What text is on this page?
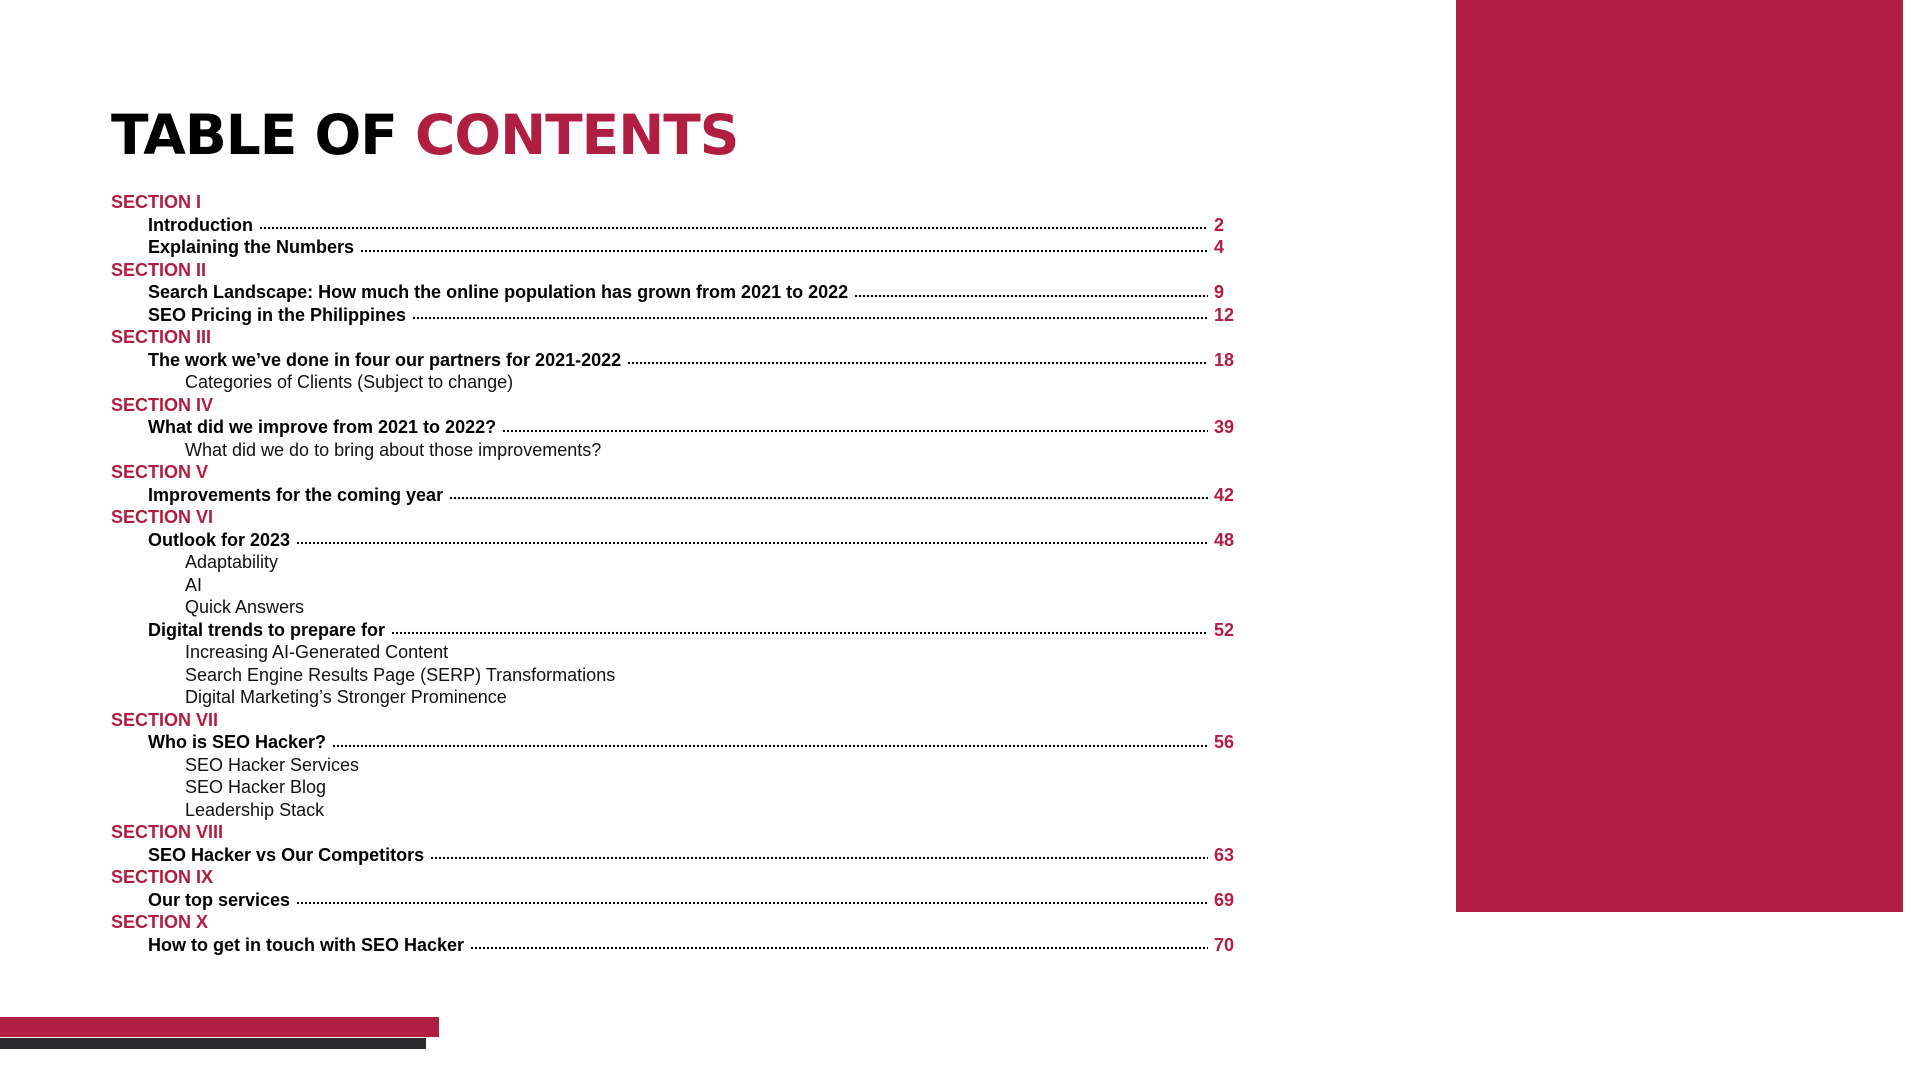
TABLE OF CONTENTS
SECTION I
Introduction	2
Explaining the Numbers	4
SECTION II
Search Landscape: How much the online population has grown from 2021 to 2022	9
SEO Pricing in the Philippines	12
SECTION III
The work we’ve done in four our partners for 2021-2022	18
Categories of Clients (Subject to change)
SECTION IV
What did we improve from 2021 to 2022?	39
What did we do to bring about those improvements?
SECTION V
Improvements for the coming year	42
SECTION VI
Outlook for 2023	48
Adaptability
AI
Quick Answers
Digital trends to prepare for	52
Increasing AI-Generated Content
Search Engine Results Page (SERP) Transformations
Digital Marketing’s Stronger Prominence
SECTION VII
Who is SEO Hacker?	56
SEO Hacker Services
SEO Hacker Blog
Leadership Stack
SECTION VIII
SEO Hacker vs Our Competitors	63
SECTION IX
Our top services	69
SECTION X
How to get in touch with SEO Hacker	70
